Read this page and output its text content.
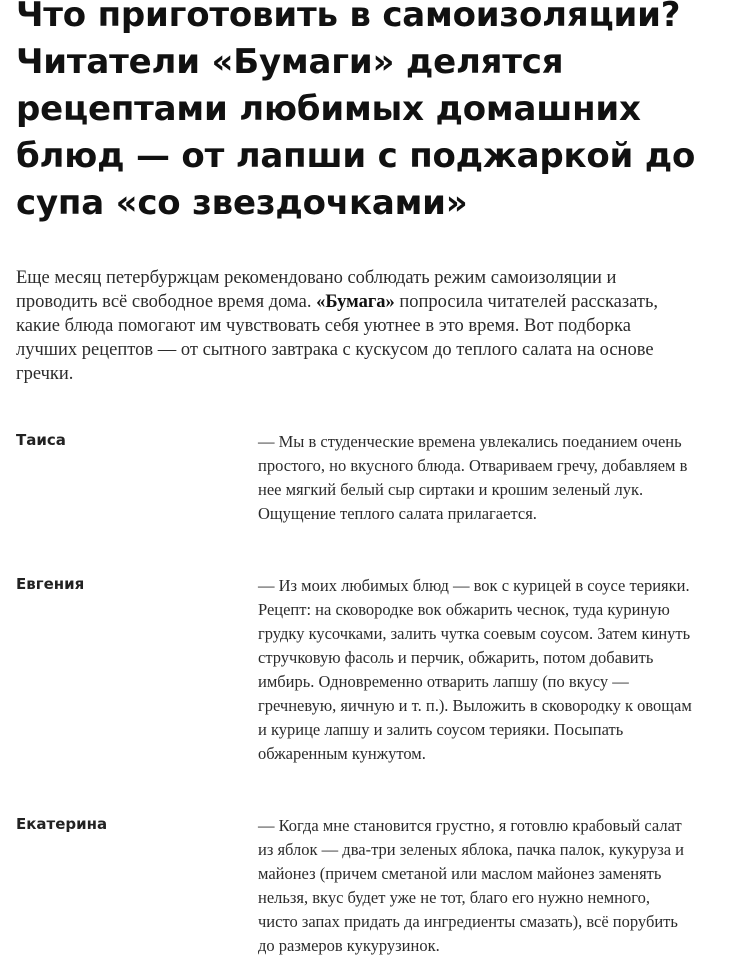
Что приготовить в самоизоляции?
Читатели «Бумаги» делятся
рецептами любимых домашних
блюд — от лапши с поджаркой до
супа «со звездочками»

Еще месяц петербуржцам рекомендовано соблюдать режим самоизоляции и
проводить всё свободное время дома. «Бумага» попросила читателей рассказать,
какие блюда помогают им чувствовать себя уютнее в это время. Вот подборка
лучших рецептов — от сытного завтрака с кускусом до теплого салата на основе
гречки.

Таиса	— Мы в студенческие времена увлекались поеданием очень
простого, но вкусного блюда. Отвариваем гречу, добавляем в
нее мягкий белый сыр сиртаки и крошим зеленый лук.
Ощущение теплого салата прилагается.

Евгения	— Из моих любимых блюд — вок с курицей в соусе терияки.
Рецепт: на сковородке вок обжарить чеснок, туда куриную
грудку кусочками, залить чутка соевым соусом. Затем кинуть
стручковую фасоль и перчик, обжарить, потом добавить
имбирь. Одновременно отварить лапшу (по вкусу —
гречневую, яичную и т. п.). Выложить в сковородку к овощам
и курице лапшу и залить соусом терияки. Посыпать
обжаренным кунжутом.

Екатерина	— Когда мне становится грустно, я готовлю крабовый салат
из яблок — два-три зеленых яблока, пачка палок, кукуруза и
майонез (причем сметаной или маслом майонез заменять
нельзя, вкус будет уже не тот, благо его нужно немного,
чисто запах придать да ингредиенты смазать), всё порубить
до размеров кукурузинок.
